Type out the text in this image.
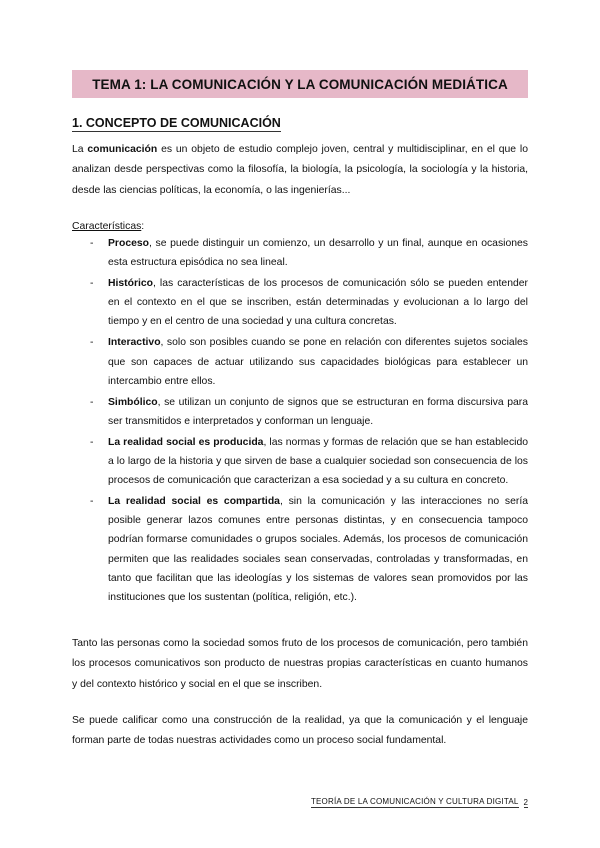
TEMA 1: LA COMUNICACIÓN Y LA COMUNICACIÓN MEDIÁTICA
1. CONCEPTO DE COMUNICACIÓN

La comunicación es un objeto de estudio complejo joven, central y multidisciplinar, en el que lo analizan desde perspectivas como la filosofía, la biología, la psicología, la sociología y la historia, desde las ciencias políticas, la economía, o las ingenierías...

Características:
- Proceso, se puede distinguir un comienzo, un desarrollo y un final, aunque en ocasiones esta estructura episódica no sea lineal.
- Histórico, las características de los procesos de comunicación sólo se pueden entender en el contexto en el que se inscriben, están determinadas y evolucionan a lo largo del tiempo y en el centro de una sociedad y una cultura concretas.
- Interactivo, solo son posibles cuando se pone en relación con diferentes sujetos sociales que son capaces de actuar utilizando sus capacidades biológicas para establecer un intercambio entre ellos.
- Simbólico, se utilizan un conjunto de signos que se estructuran en forma discursiva para ser transmitidos e interpretados y conforman un lenguaje.
- La realidad social es producida, las normas y formas de relación que se han establecido a lo largo de la historia y que sirven de base a cualquier sociedad son consecuencia de los procesos de comunicación que caracterizan a esa sociedad y a su cultura en concreto.
- La realidad social es compartida, sin la comunicación y las interacciones no sería posible generar lazos comunes entre personas distintas, y en consecuencia tampoco podrían formarse comunidades o grupos sociales. Además, los procesos de comunicación permiten que las realidades sociales sean conservadas, controladas y transformadas, en tanto que facilitan que las ideologías y los sistemas de valores sean promovidos por las instituciones que los sustentan (política, religión, etc.).

Tanto las personas como la sociedad somos fruto de los procesos de comunicación, pero también los procesos comunicativos son producto de nuestras propias características en cuanto humanos y del contexto histórico y social en el que se inscriben.

Se puede calificar como una construcción de la realidad, ya que la comunicación y el lenguaje forman parte de todas nuestras actividades como un proceso social fundamental.

TEORÍA DE LA COMUNICACIÓN Y CULTURA DIGITAL 2
